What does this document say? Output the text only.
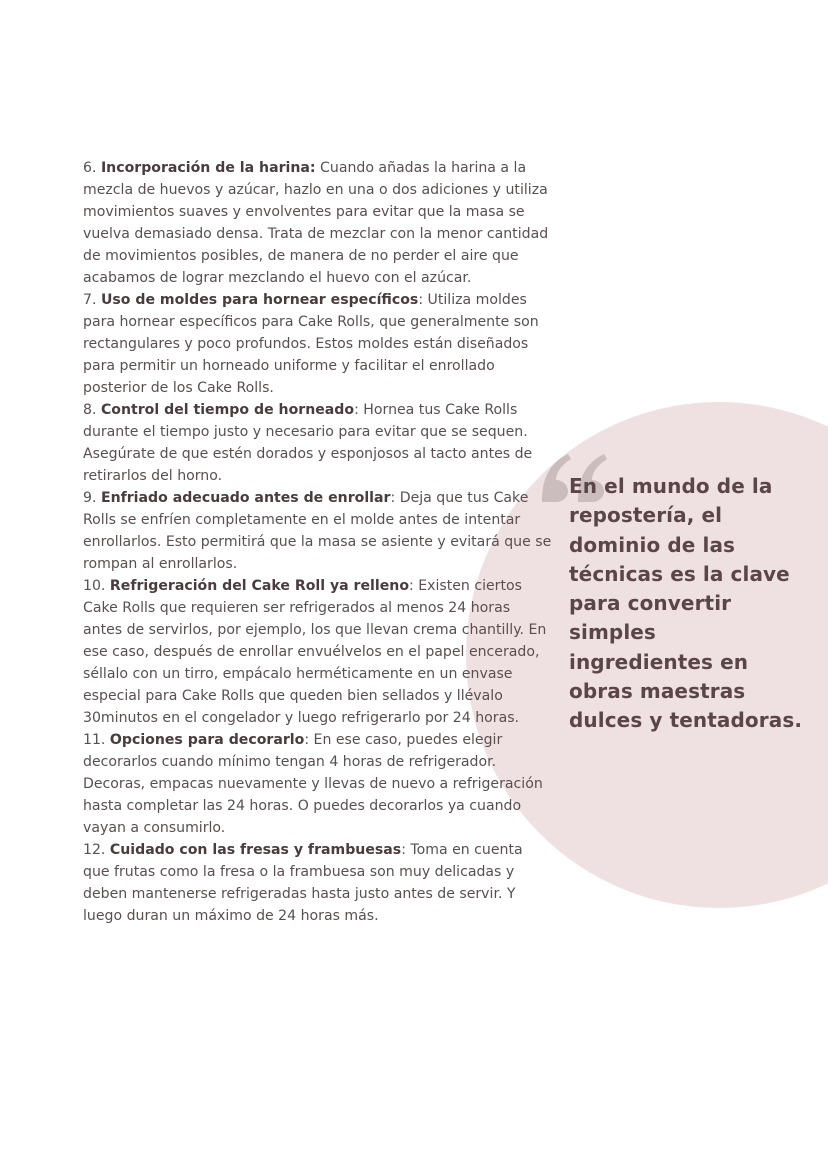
En el mundo de la repostería, el dominio de las técnicas es la clave para convertir simples ingredientes en obras maestras dulces y tentadoras.

6. Incorporación de la harina: Cuando añadas la harina a la mezcla de huevos y azúcar, hazlo en una o dos adiciones y utiliza movimientos suaves y envolventes para evitar que la masa se vuelva demasiado densa. Trata de mezclar con la menor cantidad de movimientos posibles, de manera de no perder el aire que acabamos de lograr mezclando el huevo con el azúcar.

7. Uso de moldes para hornear específicos: Utiliza moldes para hornear específicos para Cake Rolls, que generalmente son rectangulares y poco profundos. Estos moldes están diseñados para permitir un horneado uniforme y facilitar el enrollado posterior de los Cake Rolls.

8. Control del tiempo de horneado: Hornea tus Cake Rolls durante el tiempo justo y necesario para evitar que se sequen. Asegúrate de que estén dorados y esponjosos al tacto antes de retirarlos del horno.

9. Enfriado adecuado antes de enrollar: Deja que tus Cake Rolls se enfríen completamente en el molde antes de intentar enrollarlos. Esto permitirá que la masa se asiente y evitará que se rompan al enrollarlos.

10. Refrigeración del Cake Roll ya relleno: Existen ciertos Cake Rolls que requieren ser refrigerados al menos 24 horas antes de servirlos, por ejemplo, los que llevan crema chantilly. En ese caso, después de enrollar envuélvelos en el papel encerado, séllalo con un tirro, empácalo herméticamente en un envase especial para Cake Rolls que queden bien sellados y llévalo 30minutos en el congelador y luego refrigerarlo por 24 horas.

11. Opciones para decorarlo: En ese caso, puedes elegir decorarlos cuando mínimo tengan 4 horas de refrigerador. Decoras, empacas nuevamente y llevas de nuevo a refrigeración hasta completar las 24 horas. O puedes decorarlos ya cuando vayan a consumirlo.

12. Cuidado con las fresas y frambuesas: Toma en cuenta que frutas como la fresa o la frambuesa son muy delicadas y deben mantenerse refrigeradas hasta justo antes de servir. Y luego duran un máximo de 24 horas más.
